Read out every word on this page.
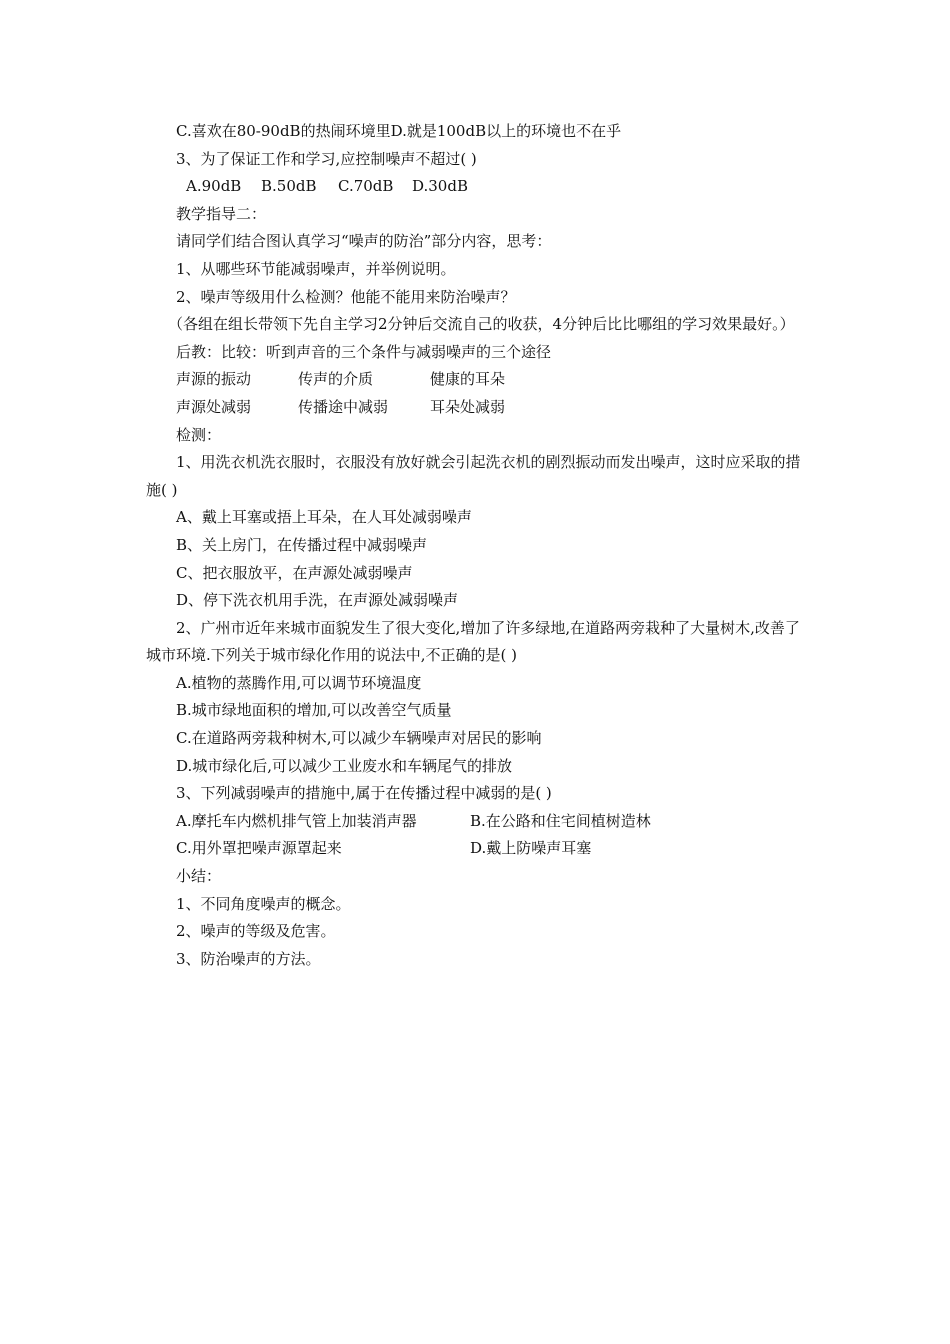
C.喜欢在80-90dB的热闹环境里D.就是100dB以上的环境也不在乎
3、为了保证工作和学习,应控制噪声不超过( )
A.90dB B.50dB C.70dB D.30dB
教学指导二：
请同学们结合图认真学习“噪声的防治”部分内容，思考：
1、从哪些环节能减弱噪声，并举例说明。
2、噪声等级用什么检测？他能不能用来防治噪声？
（各组在组长带领下先自主学习2分钟后交流自己的收获，4分钟后比比哪组的学习效果最好。）
后教：比较：听到声音的三个条件与减弱噪声的三个途径
声源的振动	传声的介质	健康的耳朵
声源处减弱	传播途中减弱	耳朵处减弱
检测：
1、用洗衣机洗衣服时，衣服没有放好就会引起洗衣机的剧烈振动而发出噪声，这时应采取的措施( )
A、戴上耳塞或捂上耳朵，在人耳处减弱噪声
B、关上房门，在传播过程中减弱噪声
C、把衣服放平，在声源处减弱噪声
D、停下洗衣机用手洗，在声源处减弱噪声
2、广州市近年来城市面貌发生了很大变化,增加了许多绿地,在道路两旁栽种了大量树木,改善了城市环境.下列关于城市绿化作用的说法中,不正确的是( )
A.植物的蒸腾作用,可以调节环境温度
B.城市绿地面积的增加,可以改善空气质量
C.在道路两旁栽种树木,可以减少车辆噪声对居民的影响
D.城市绿化后,可以减少工业废水和车辆尾气的排放
3、下列减弱噪声的措施中,属于在传播过程中减弱的是( )
A.摩托车内燃机排气管上加装消声器	B.在公路和住宅间植树造林
C.用外罩把噪声源罩起来	D.戴上防噪声耳塞
小结：
1、不同角度噪声的概念。
2、噪声的等级及危害。
3、防治噪声的方法。
